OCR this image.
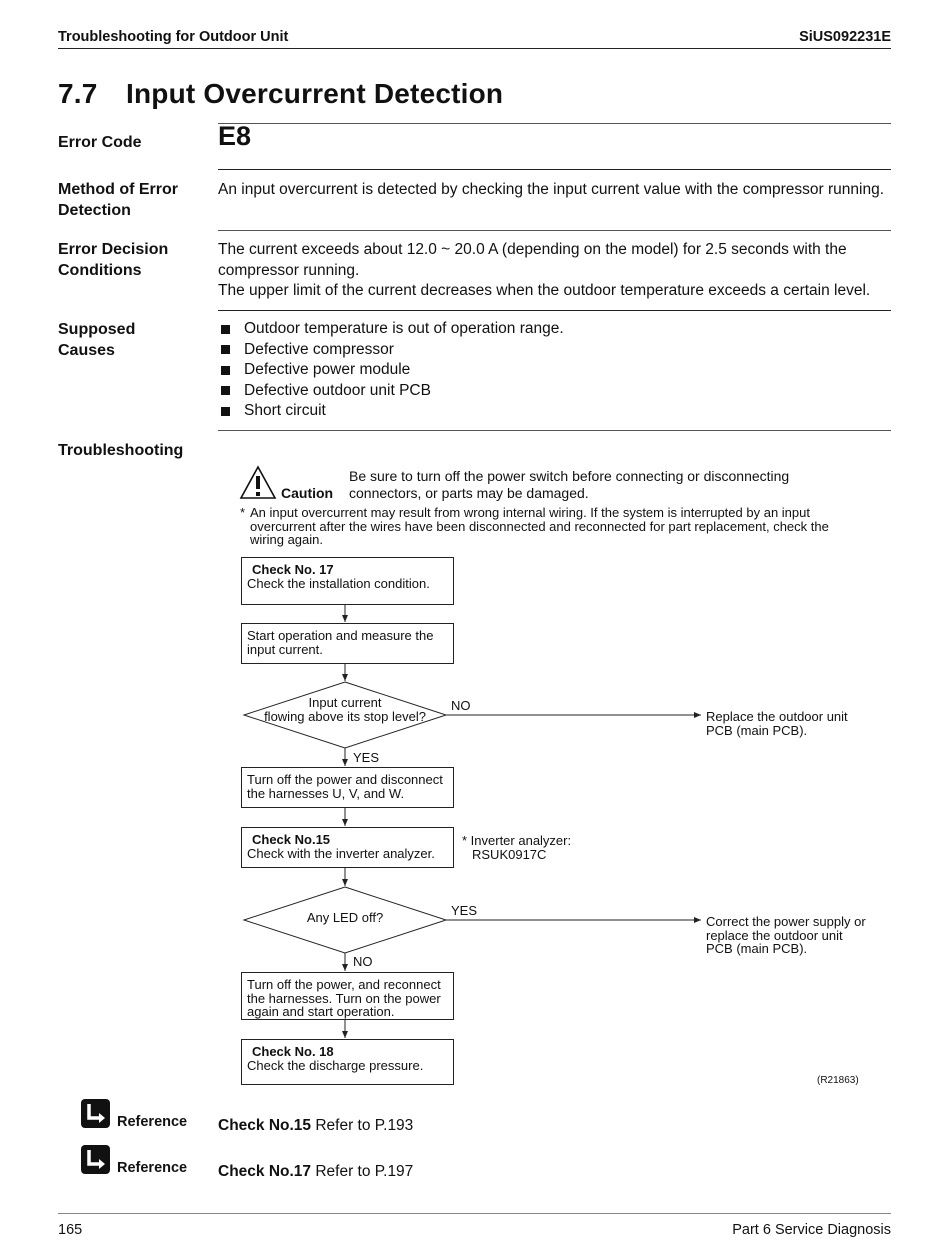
Troubleshooting for Outdoor Unit	SiUS092231E
7.7 Input Overcurrent Detection
Error Code	E8
Method of Error
Detection
An input overcurrent is detected by checking the input current value with the compressor running.
Error Decision
Conditions
The current exceeds about 12.0 ~ 20.0 A (depending on the model) for 2.5 seconds with the
compressor running.
The upper limit of the current decreases when the outdoor temperature exceeds a certain level.
Supposed
Causes
Outdoor temperature is out of operation range.
Defective compressor
Defective power module
Defective outdoor unit PCB
Short circuit
Troubleshooting
Caution
Be sure to turn off the power switch before connecting or disconnecting
connectors, or parts may be damaged.
* An input overcurrent may result from wrong internal wiring. If the system is interrupted by an input
overcurrent after the wires have been disconnected and reconnected for part replacement, check the
wiring again.
Check No. 17
Check the installation condition.
Start operation and measure the
input current.
Input current
flowing above its stop level?
NO
YES
Replace the outdoor unit
PCB (main PCB).
Turn off the power and disconnect
the harnesses U, V, and W.
Check No.15
Check with the inverter analyzer.
* Inverter analyzer:
RSUK0917C
Any LED off?	YES
NO
Correct the power supply or
replace the outdoor unit
PCB (main PCB).
Turn off the power, and reconnect
the harnesses. Turn on the power
again and start operation.
Check No. 18
Check the discharge pressure.
(R21863)
Reference Check No.15 Refer to P.193
Reference Check No.17 Refer to P.197
165	Part 6 Service Diagnosis
